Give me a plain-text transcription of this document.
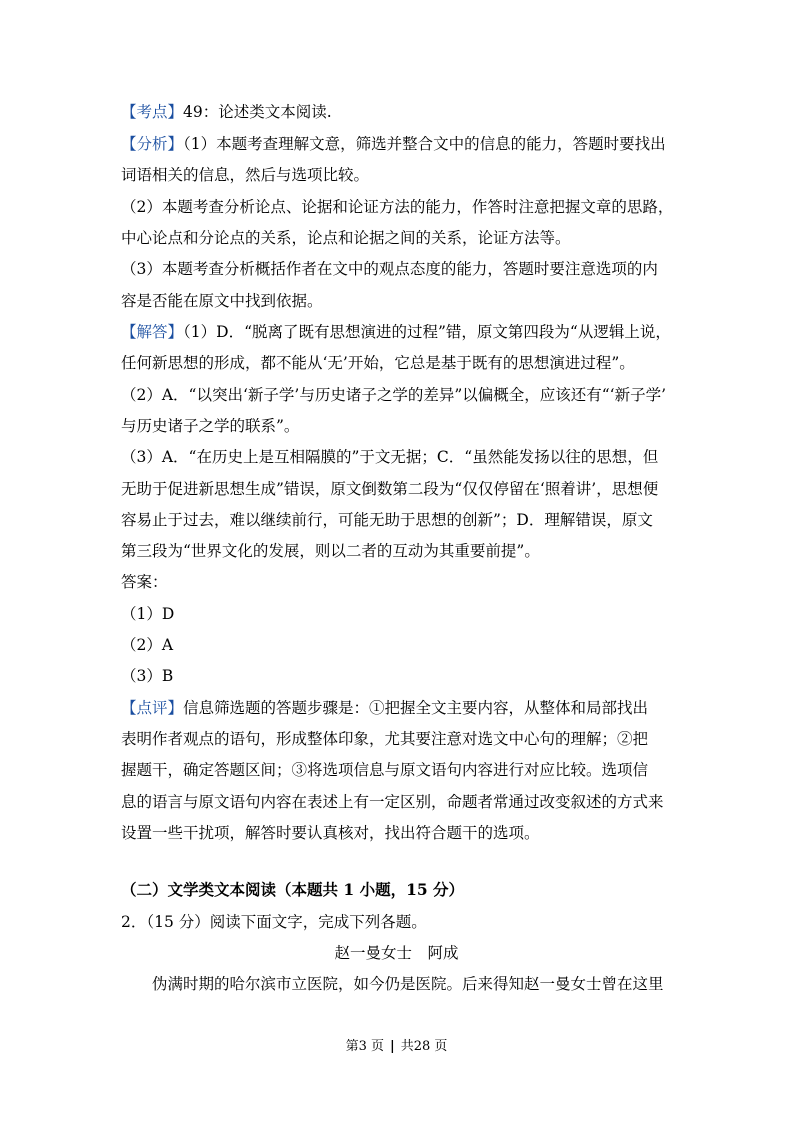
【考点】49：论述类文本阅读.
【分析】（1）本题考查理解文意，筛选并整合文中的信息的能力，答题时要找出
词语相关的信息，然后与选项比较。
（2）本题考查分析论点、论据和论证方法的能力，作答时注意把握文章的思路，
中心论点和分论点的关系，论点和论据之间的关系，论证方法等。
（3）本题考查分析概括作者在文中的观点态度的能力，答题时要注意选项的内
容是否能在原文中找到依据。
【解答】（1）D．“脱离了既有思想演进的过程”错，原文第四段为“从逻辑上说，
任何新思想的形成，都不能从‘无’开始，它总是基于既有的思想演进过程”。
（2）A．“以突出‘新子学’与历史诸子之学的差异”以偏概全，应该还有“‘新子学’
与历史诸子之学的联系”。
（3）A．“在历史上是互相隔膜的”于文无据；C．“虽然能发扬以往的思想，但
无助于促进新思想生成”错误，原文倒数第二段为“仅仅停留在‘照着讲’，思想便
容易止于过去，难以继续前行，可能无助于思想的创新”；D．理解错误，原文
第三段为“世界文化的发展，则以二者的互动为其重要前提”。
答案：
（1）D
（2）A
（3）B
【点评】信息筛选题的答题步骤是：①把握全文主要内容，从整体和局部找出
表明作者观点的语句，形成整体印象，尤其要注意对选文中心句的理解；②把
握题干，确定答题区间；③将选项信息与原文语句内容进行对应比较。选项信
息的语言与原文语句内容在表述上有一定区别，命题者常通过改变叙述的方式来
设置一些干扰项，解答时要认真核对，找出符合题干的选项。
（二）文学类文本阅读（本题共 1 小题，15 分）
2．（15 分）阅读下面文字，完成下列各题。
赵一曼女士　阿成
伪满时期的哈尔滨市立医院，如今仍是医院。后来得知赵一曼女士曾在这里
第3 页 | 共28 页
